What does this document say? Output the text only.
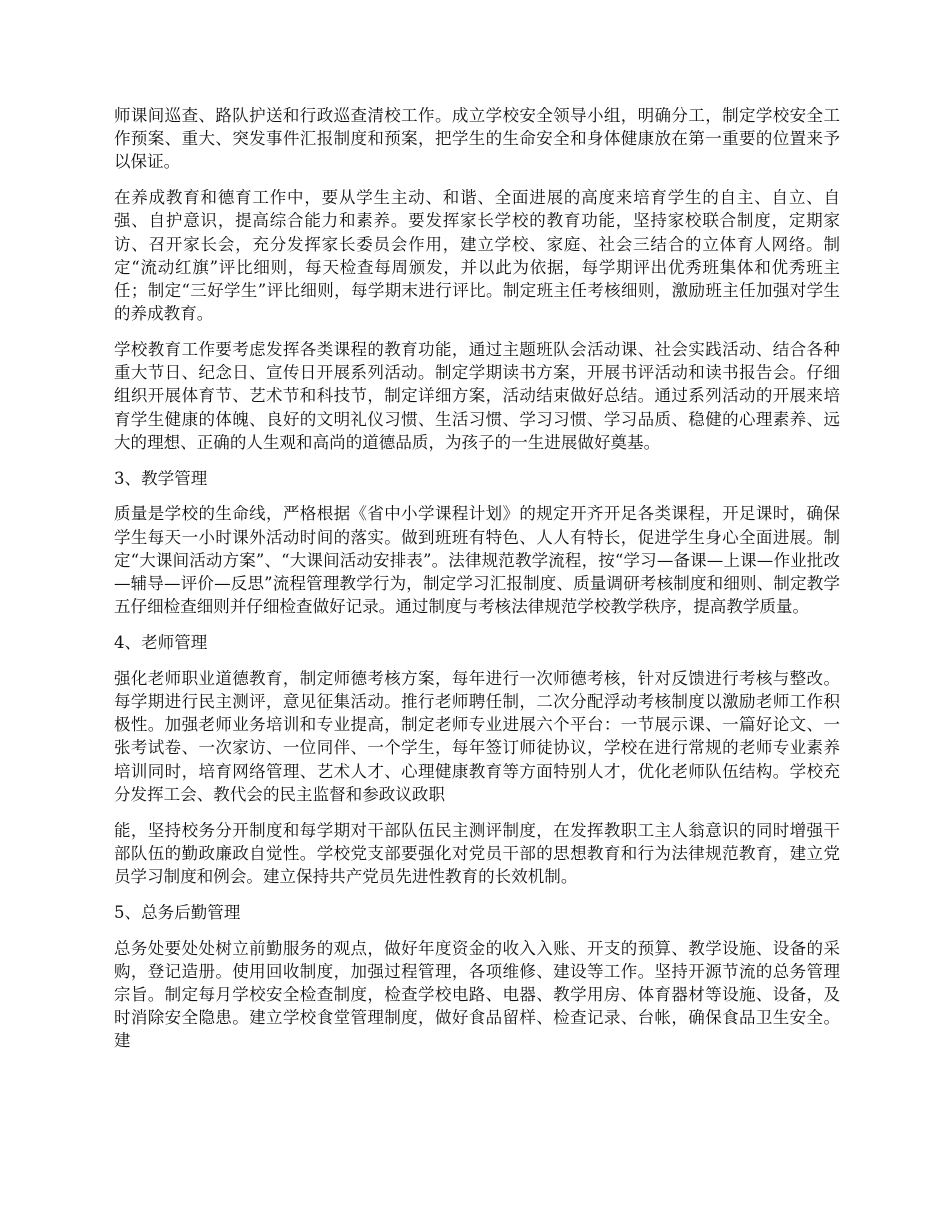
师课间巡查、路队护送和行政巡查清校工作。成立学校安全领导小组，明确分工，制定学校安全工作预案、重大、突发事件汇报制度和预案，把学生的生命安全和身体健康放在第一重要的位置来予以保证。

在养成教育和德育工作中，要从学生主动、和谐、全面进展的高度来培育学生的自主、自立、自强、自护意识，提高综合能力和素养。要发挥家长学校的教育功能，坚持家校联合制度，定期家访、召开家长会，充分发挥家长委员会作用，建立学校、家庭、社会三结合的立体育人网络。制定“流动红旗”评比细则，每天检查每周颁发，并以此为依据，每学期评出优秀班集体和优秀班主任；制定“三好学生”评比细则，每学期末进行评比。制定班主任考核细则，激励班主任加强对学生的养成教育。

学校教育工作要考虑发挥各类课程的教育功能，通过主题班队会活动课、社会实践活动、结合各种重大节日、纪念日、宣传日开展系列活动。制定学期读书方案，开展书评活动和读书报告会。仔细组织开展体育节、艺术节和科技节，制定详细方案，活动结束做好总结。通过系列活动的开展来培育学生健康的体魄、良好的文明礼仪习惯、生活习惯、学习习惯、学习品质、稳健的心理素养、远大的理想、正确的人生观和高尚的道德品质，为孩子的一生进展做好奠基。

3、教学管理

质量是学校的生命线，严格根据《省中小学课程计划》的规定开齐开足各类课程，开足课时，确保学生每天一小时课外活动时间的落实。做到班班有特色、人人有特长，促进学生身心全面进展。制定“大课间活动方案”、“大课间活动安排表”。法律规范教学流程，按“学习—备课—上课—作业批改—辅导—评价—反思”流程管理教学行为，制定学习汇报制度、质量调研考核制度和细则、制定教学五仔细检查细则并仔细检查做好记录。通过制度与考核法律规范学校教学秩序，提高教学质量。

4、老师管理

强化老师职业道德教育，制定师德考核方案，每年进行一次师德考核，针对反馈进行考核与整改。每学期进行民主测评，意见征集活动。推行老师聘任制，二次分配浮动考核制度以激励老师工作积极性。加强老师业务培训和专业提高，制定老师专业进展六个平台：一节展示课、一篇好论文、一张考试卷、一次家访、一位同伴、一个学生，每年签订师徒协议，学校在进行常规的老师专业素养培训同时，培育网络管理、艺术人才、心理健康教育等方面特别人才，优化老师队伍结构。学校充分发挥工会、教代会的民主监督和参政议政职

能，坚持校务分开制度和每学期对干部队伍民主测评制度，在发挥教职工主人翁意识的同时增强干部队伍的勤政廉政自觉性。学校党支部要强化对党员干部的思想教育和行为法律规范教育，建立党员学习制度和例会。建立保持共产党员先进性教育的长效机制。

5、总务后勤管理

总务处要处处树立前勤服务的观点，做好年度资金的收入入账、开支的预算、教学设施、设备的采购，登记造册。使用回收制度，加强过程管理，各项维修、建设等工作。坚持开源节流的总务管理宗旨。制定每月学校安全检查制度，检查学校电路、电器、教学用房、体育器材等设施、设备，及时消除安全隐患。建立学校食堂管理制度，做好食品留样、检查记录、台帐，确保食品卫生安全。建
